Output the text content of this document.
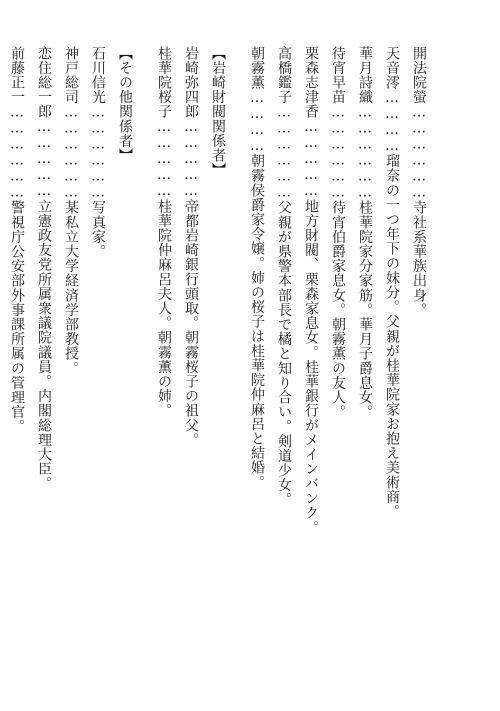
開法院螢………………寺社系華族出身。
天音澪…………瑠奈の一つ年下の妹分。父親が桂華院家お抱え美術商。
華月詩織………………桂華院家分家筋。華月子爵息女。
待宵早苗………………待宵伯爵家息女。朝霧薫の友人。
栗森志津香……………地方財閥、栗森家息女。桂華銀行がメインバンク。
高橋鑑子………………父親が県警本部長で橘と知り合い。剣道少女。
朝霧薫…………朝霧侯爵家令嬢。姉の桜子は桂華院仲麻呂と結婚。
【岩崎財閥関係者】
岩崎弥四郎……………帝都岩崎銀行頭取。朝霧桜子の祖父。
桂華院桜子……………桂華院仲麻呂夫人。朝霧薫の姉。
【その他関係者】
石川信光………………写真家。
神戸総司………………某私立大学経済学部教授。
恋住総一郎……………立憲政友党所属衆議院議員。内閣総理大臣。
前藤正一………………警視庁公安部外事課所属の管理官。
